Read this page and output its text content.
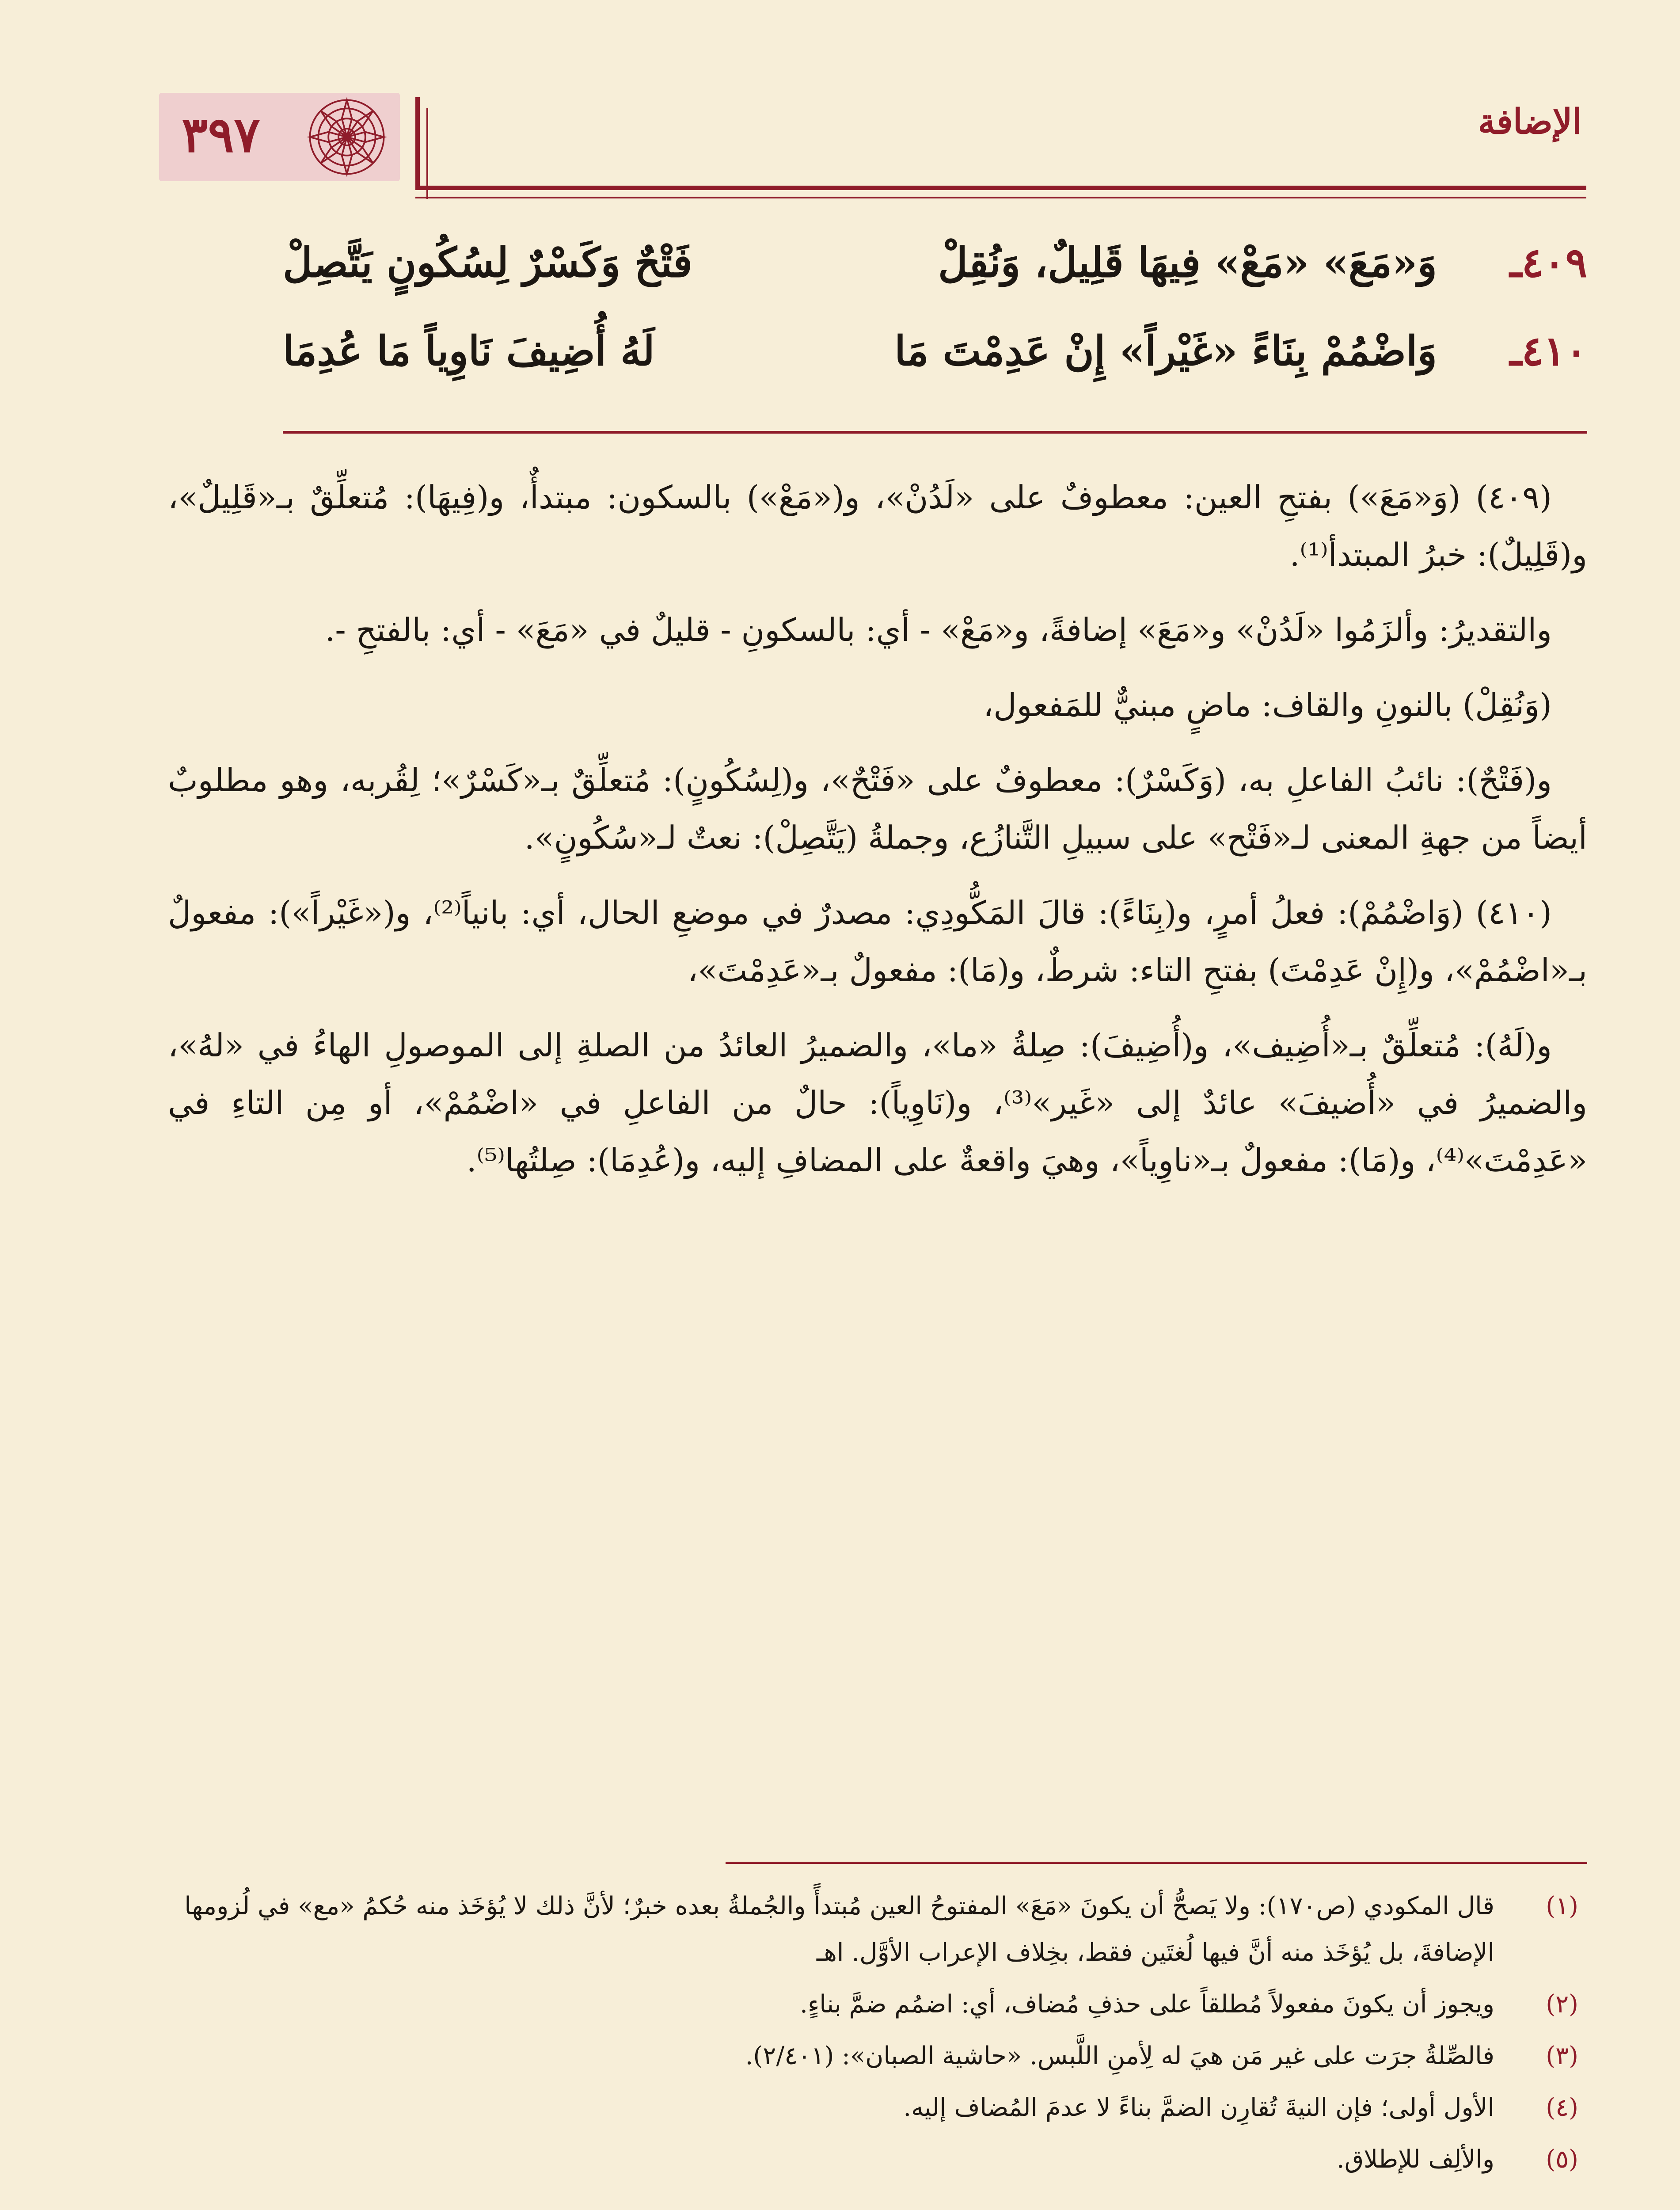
٣٩٧	الإضافة
٤٠٩ـ
وَ«مَعَ» «مَعْ» فِيهَا قَلِيلٌ، وَنُقِلْ
فَتْحٌ وَكَسْرٌ لِسُكُونٍ يَتَّصِلْ
٤١٠ـ
وَاضْمُمْ بِنَاءً «غَيْراً» إِنْ عَدِمْتَ مَا
لَهُ أُضِيفَ نَاوِياً مَا عُدِمَا

(٤٠٩) (وَ«مَعَ») بفتحِ العين: معطوفٌ على «لَدُنْ»، و(«مَعْ») بالسكون: مبتدأٌ، و(فِيهَا): مُتعلِّقٌ بـ«قَلِيلٌ»، و(قَلِيلٌ): خبرُ المبتدأ⁽¹⁾.

والتقديرُ: وألزَمُوا «لَدُنْ» و«مَعَ» إضافةً، و«مَعْ» - أي: بالسكونِ - قليلٌ في «مَعَ» - أي: بالفتحِ -.

(وَنُقِلْ) بالنونِ والقاف: ماضٍ مبنيٌّ للمَفعول،

و(فَتْحٌ): نائبُ الفاعلِ به، (وَكَسْرٌ): معطوفٌ على «فَتْحٌ»، و(لِسُكُونٍ): مُتعلِّقٌ بـ«كَسْرٌ»؛ لِقُربه، وهو مطلوبٌ أيضاً من جهةِ المعنى لـ«فَتْح» على سبيلِ التَّنازُع، وجملةُ (يَتَّصِلْ): نعتٌ لـ«سُكُونٍ».

(٤١٠) (وَاضْمُمْ): فعلُ أمرٍ، و(بِنَاءً): قالَ المَكُّودِي: مصدرٌ في موضعِ الحال، أي: بانياً⁽²⁾، و(«غَيْراً»): مفعولٌ بـ«اضْمُمْ»، و(إِنْ عَدِمْتَ) بفتحِ التاء: شرطٌ، و(مَا): مفعولٌ بـ«عَدِمْتَ»،

و(لَهُ): مُتعلِّقٌ بـ«أُضِيف»، و(أُضِيفَ): صِلةُ «ما»، والضميرُ العائدُ من الصلةِ إلى الموصولِ الهاءُ في «لهُ»، والضميرُ في «أُضيفَ» عائدٌ إلى «غَير»⁽³⁾، و(نَاوِياً): حالٌ من الفاعلِ في «اضْمُمْ»، أو مِن التاءِ في «عَدِمْتَ»⁽⁴⁾، و(مَا): مفعولٌ بـ«ناوِياً»، وهيَ واقعةٌ على المضافِ إليه، و(عُدِمَا): صِلتُها⁽⁵⁾.

(١)
قال المكودي (ص١٧٠): ولا يَصحُّ أن يكونَ «مَعَ» المفتوحُ العين مُبتدأً والجُملةُ بعده خبرٌ؛ لأنَّ ذلك لا يُؤخَذ منه حُكمُ «مع» في لُزومها الإضافةَ، بل يُؤخَذ منه أنَّ فيها لُغتَين فقط، بخِلاف الإعراب الأوَّل. اهـ
(٢)
ويجوز أن يكونَ مفعولاً مُطلقاً على حذفِ مُضاف، أي: اضمُم ضمَّ بناءٍ.
(٣)
فالصِّلةُ جرَت على غير مَن هيَ له لِأمنِ اللَّبس. «حاشية الصبان»: (٢/٤٠١).
(٤)
الأول أولى؛ فإن النيةَ تُقارِن الضمَّ بناءً لا عدمَ المُضاف إليه.
(٥)
والألِف للإطلاق.
